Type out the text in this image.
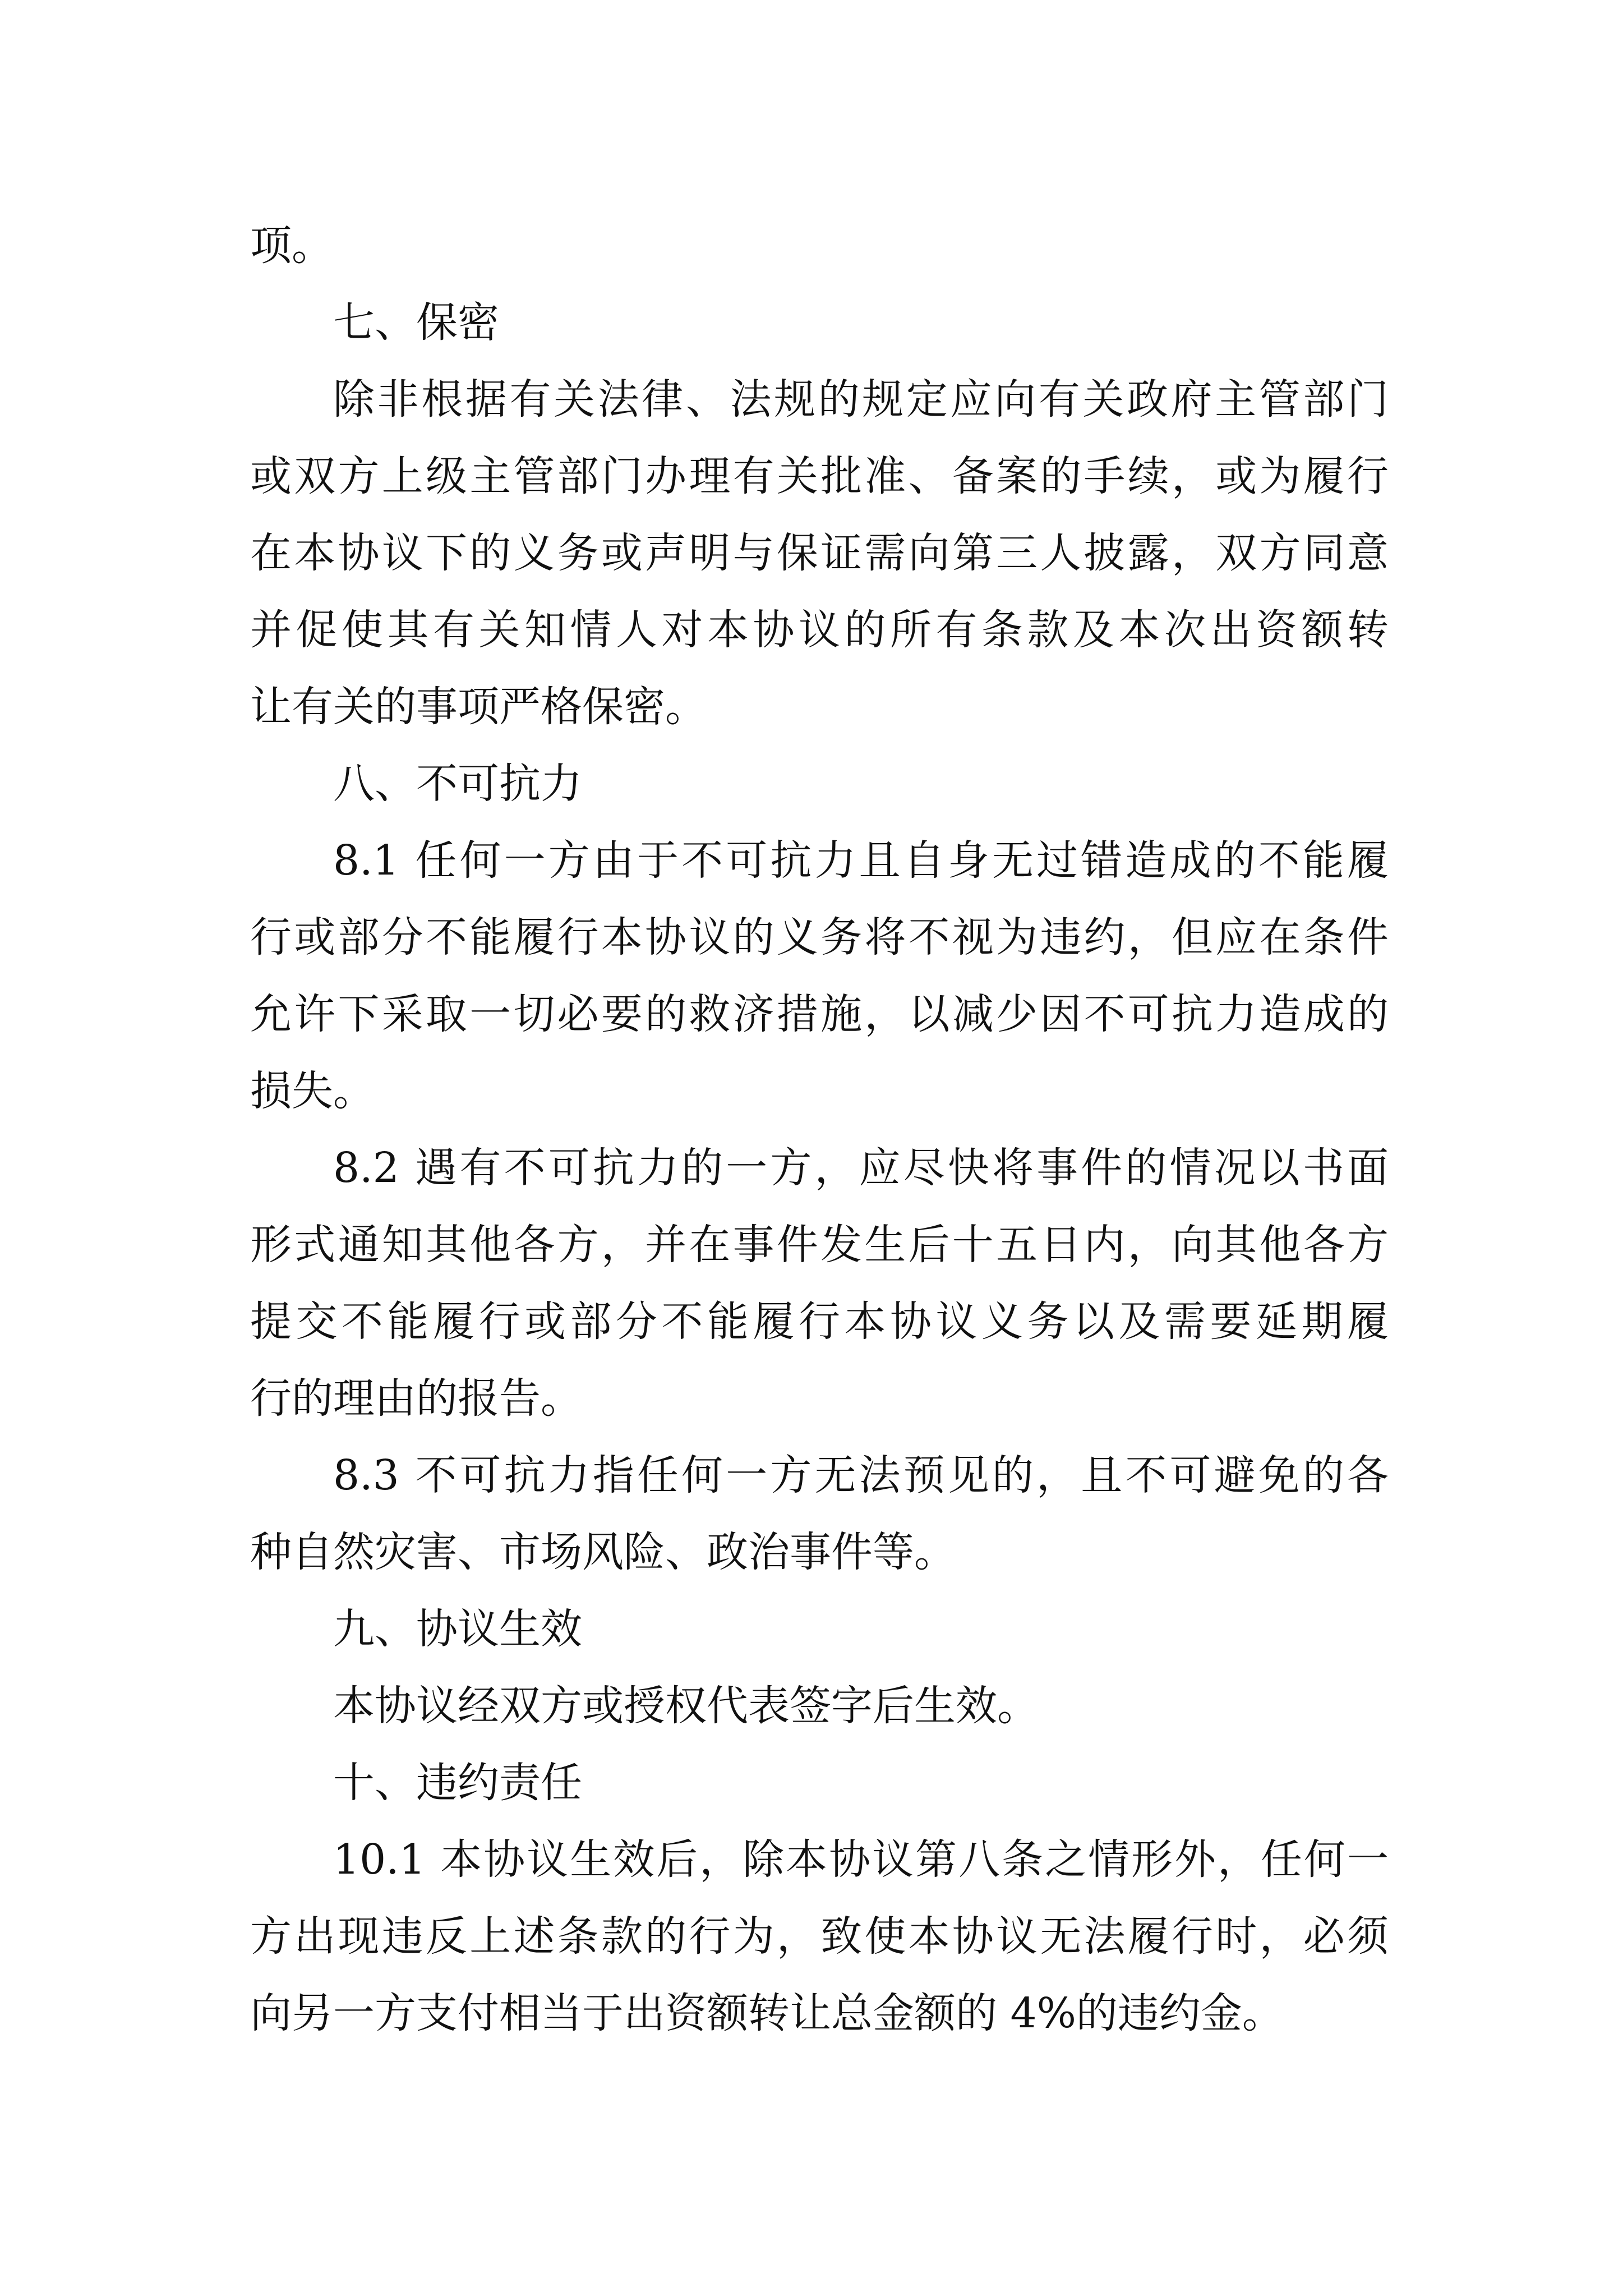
项。
七、保密
除非根据有关法律、法规的规定应向有关政府主管部门
或双方上级主管部门办理有关批准、备案的手续，或为履行
在本协议下的义务或声明与保证需向第三人披露，双方同意
并促使其有关知情人对本协议的所有条款及本次出资额转
让有关的事项严格保密。
八、不可抗力
8.1 任何一方由于不可抗力且自身无过错造成的不能履
行或部分不能履行本协议的义务将不视为违约，但应在条件
允许下采取一切必要的救济措施，以减少因不可抗力造成的
损失。
8.2 遇有不可抗力的一方，应尽快将事件的情况以书面
形式通知其他各方，并在事件发生后十五日内，向其他各方
提交不能履行或部分不能履行本协议义务以及需要延期履
行的理由的报告。
8.3 不可抗力指任何一方无法预见的，且不可避免的各
种自然灾害、市场风险、政治事件等。
九、协议生效
本协议经双方或授权代表签字后生效。
十、违约责任
10.1 本协议生效后，除本协议第八条之情形外，任何一
方出现违反上述条款的行为，致使本协议无法履行时，必须
向另一方支付相当于出资额转让总金额的 4%的违约金。
